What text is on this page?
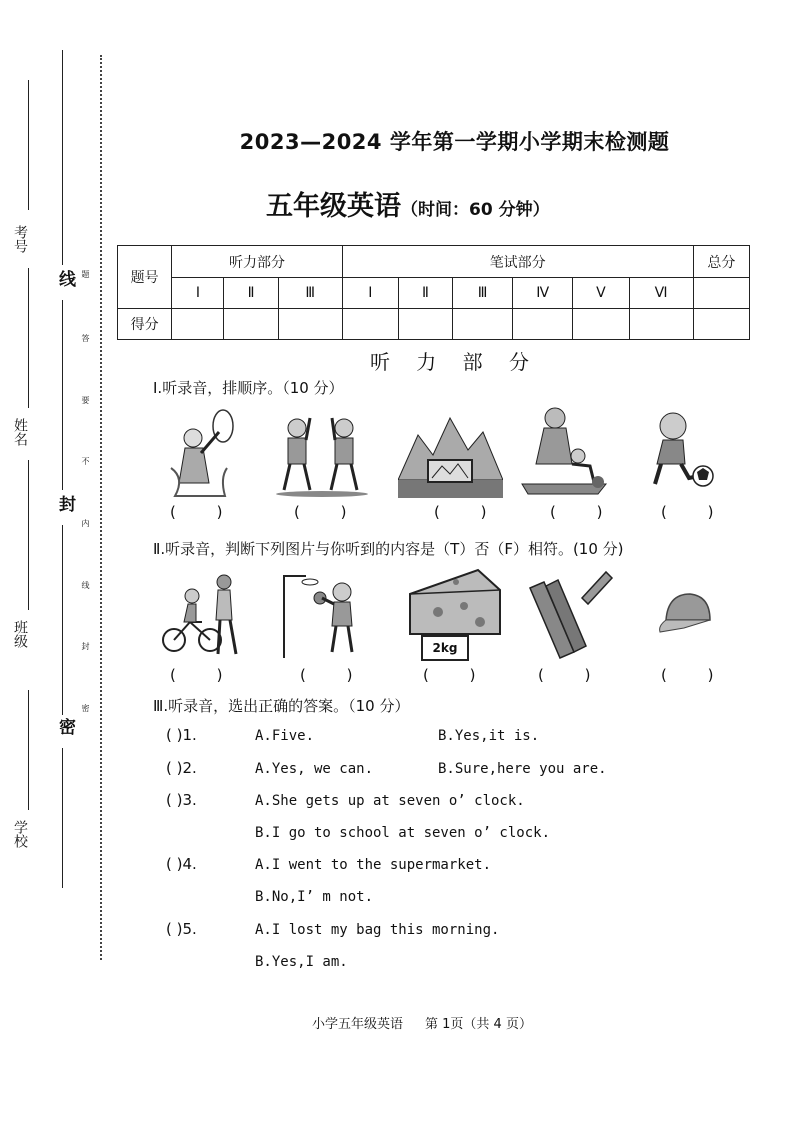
考号
姓名
班级
学校
线
封
密
题
答
要
不
内
线
封
密
2023—2024 学年第一学期小学期末检测题
五年级英语（时间：60 分钟）
题号	听力部分			笔试部分						总分
	Ⅰ	Ⅱ	Ⅲ	Ⅰ	Ⅱ	Ⅲ	Ⅳ	Ⅴ	Ⅵ	
得分										
听 力 部 分
Ⅰ.听录音，排顺序。（10 分）
( )	( )	( )	( )	( )
Ⅱ.听录音，判断下列图片与你听到的内容是（T）否（F）相符。(10 分)
2kg
( )	( )	( )	( )	( )
Ⅲ.听录音，选出正确的答案。（10 分）
( )1.	A.Five.	B.Yes,it is.
( )2.	A.Yes, we can.	B.Sure,here you are.
( )3.	A.She gets up at seven o’ clock.
B.I go to school at seven o’ clock.
( )4.	A.I went to the supermarket.
B.No,I’ m not.
( )5.	A.I lost my bag this morning.
B.Yes,I am.
小学五年级英语 第 1页（共 4 页）
